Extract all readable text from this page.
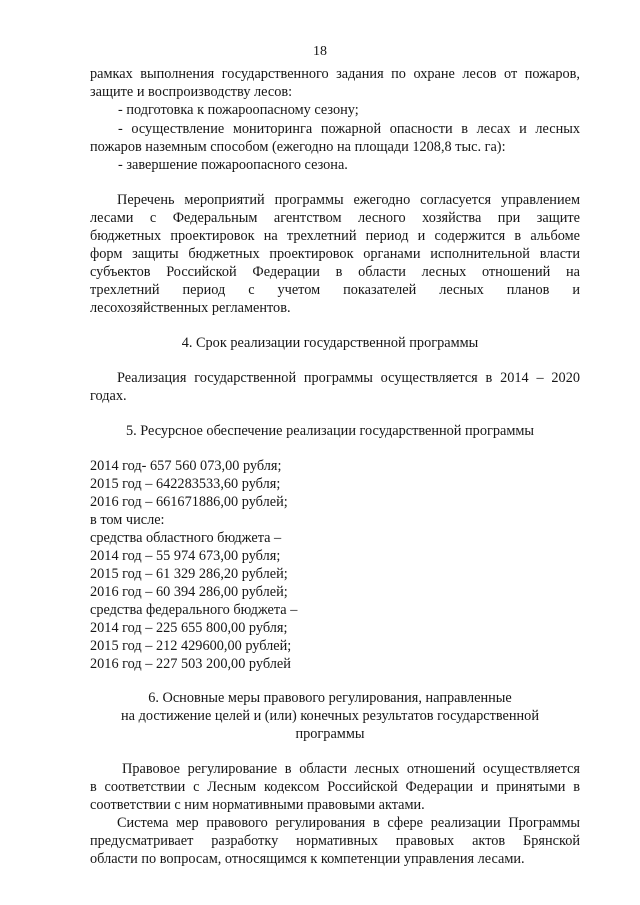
18

рамках выполнения государственного задания по охране лесов от пожаров,

защите и воспроизводству лесов:

- подготовка к пожароопасному сезону;

- осуществление мониторинга пожарной опасности в лесах и лесных

пожаров наземным способом (ежегодно на площади 1208,8 тыс. га):

- завершение пожароопасного сезона.

Перечень мероприятий программы ежегодно согласуется управлением

лесами с Федеральным агентством лесного хозяйства при защите

бюджетных проектировок на трехлетний период и содержится в альбоме

форм защиты бюджетных проектировок органами исполнительной власти

субъектов Российской Федерации в области лесных отношений на

трехлетний период с учетом показателей лесных планов и

лесохозяйственных регламентов.

4. Срок реализации государственной программы

Реализация государственной программы осуществляется в 2014 – 2020

годах.

5. Ресурсное обеспечение реализации государственной программы

2014 год- 657 560 073,00 рубля;

2015 год – 642283533,60 рубля;

2016 год – 661671886,00 рублей;

в том числе:

средства областного бюджета –

2014 год – 55 974 673,00 рубля;

2015 год – 61 329 286,20 рублей;

2016 год – 60 394 286,00 рублей;

средства федерального бюджета –

2014 год – 225 655 800,00 рубля;

2015 год – 212 429600,00 рублей;

2016 год – 227 503 200,00 рублей

6. Основные меры правового регулирования, направленные

на достижение целей и (или) конечных результатов государственной

программы

Правовое регулирование в области лесных отношений осуществляется

в соответствии с Лесным кодексом Российской Федерации и принятыми в

соответствии с ним нормативными правовыми актами.

Система мер правового регулирования в сфере реализации Программы

предусматривает разработку нормативных правовых актов Брянской

области по вопросам, относящимся к компетенции управления лесами.
